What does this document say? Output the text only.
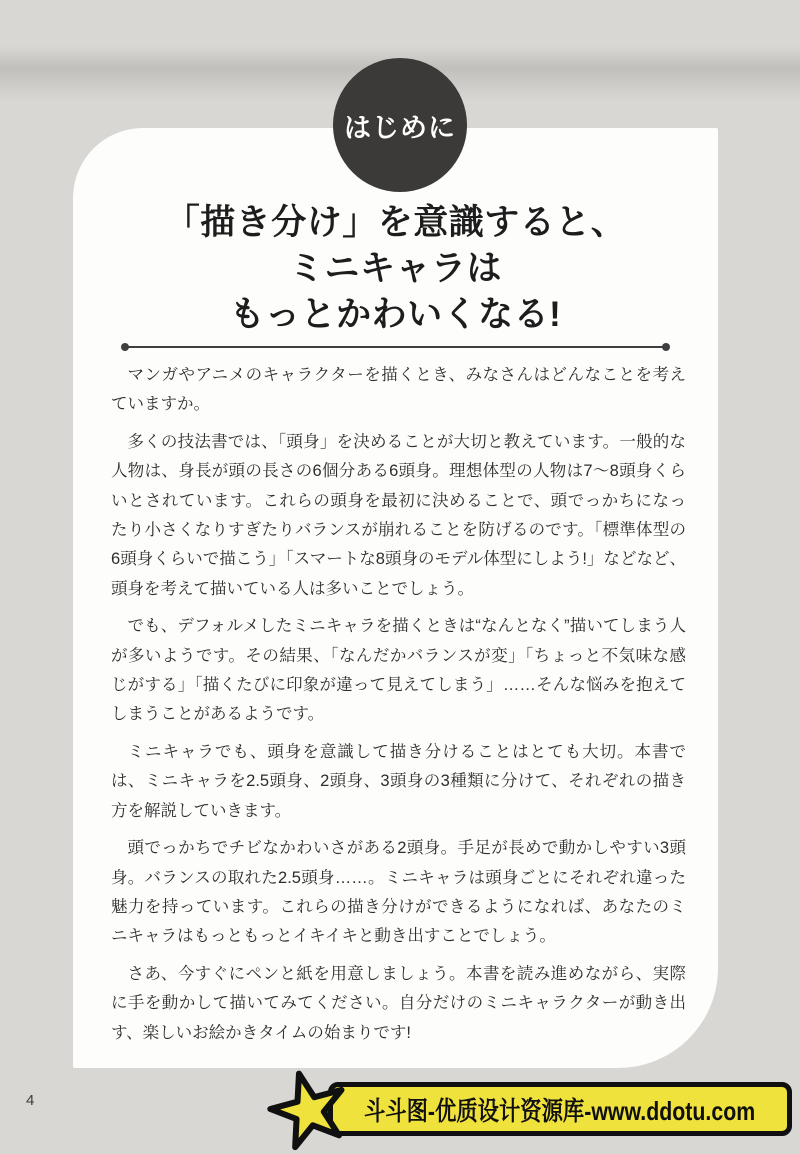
「描き分け」を意識すると、
ミニキャラは
もっとかわいくなる!

マンガやアニメのキャラクターを描くとき、みなさんはどんなことを考えていますか。

多くの技法書では、「頭身」を決めることが大切と教えています。一般的な人物は、身長が頭の長さの6個分ある6頭身。理想体型の人物は7〜8頭身くらいとされています。これらの頭身を最初に決めることで、頭でっかちになったり小さくなりすぎたりバランスが崩れることを防げるのです。「標準体型の6頭身くらいで描こう」「スマートな8頭身のモデル体型にしよう!」などなど、頭身を考えて描いている人は多いことでしょう。

でも、デフォルメしたミニキャラを描くときは“なんとなく”描いてしまう人が多いようです。その結果、「なんだかバランスが変」「ちょっと不気味な感じがする」「描くたびに印象が違って見えてしまう」……そんな悩みを抱えてしまうことがあるようです。

ミニキャラでも、頭身を意識して描き分けることはとても大切。本書では、ミニキャラを2.5頭身、2頭身、3頭身の3種類に分けて、それぞれの描き方を解説していきます。

頭でっかちでチビなかわいさがある2頭身。手足が長めで動かしやすい3頭身。バランスの取れた2.5頭身……。ミニキャラは頭身ごとにそれぞれ違った魅力を持っています。これらの描き分けができるようになれば、あなたのミニキャラはもっともっとイキイキと動き出すことでしょう。

さあ、今すぐにペンと紙を用意しましょう。本書を読み進めながら、実際に手を動かして描いてみてください。自分だけのミニキャラクターが動き出す、楽しいお絵かきタイムの始まりです!

はじめに
4	斗斗图-优质设计资源库-www.ddotu.com
